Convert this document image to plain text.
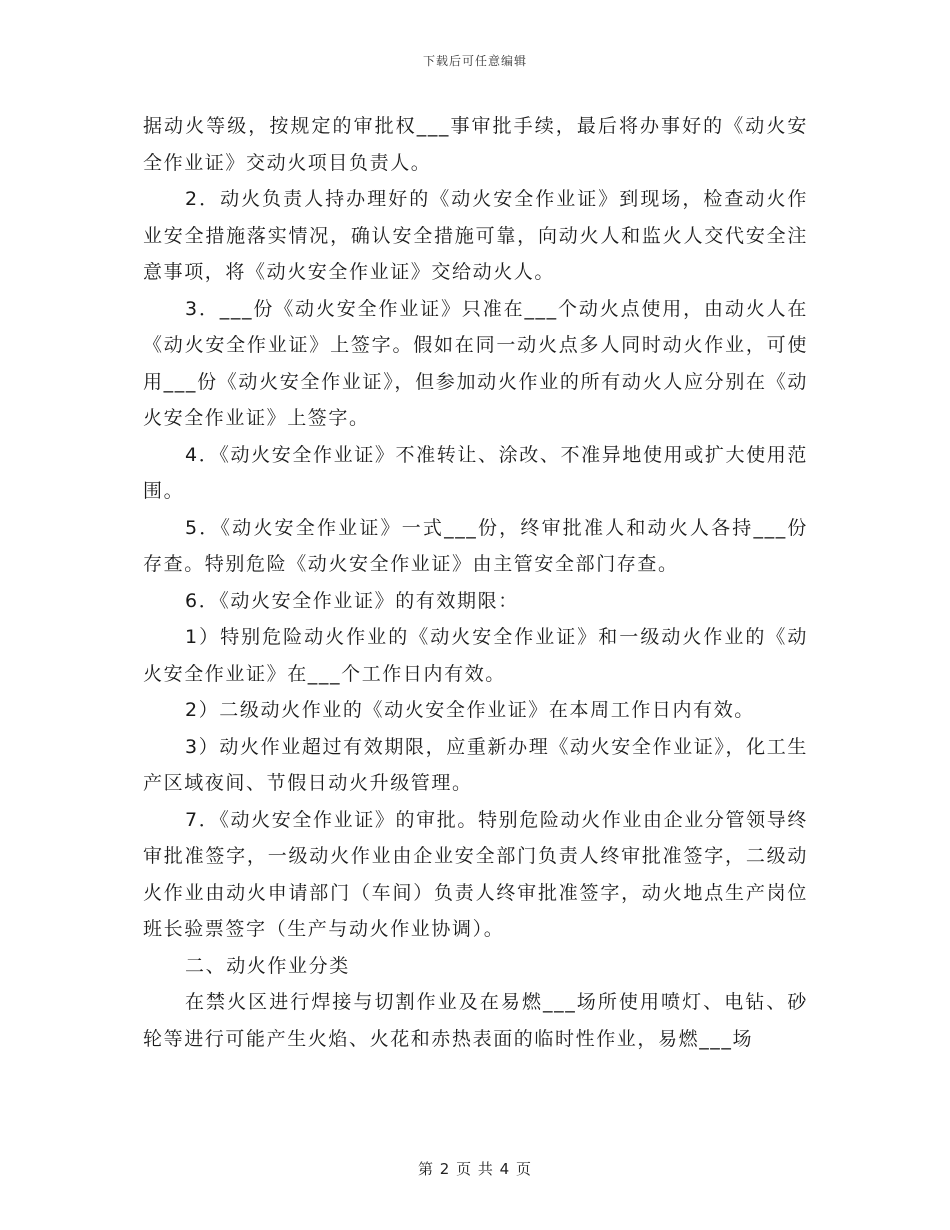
下载后可任意编辑

据动火等级，按规定的审批权___事审批手续，最后将办事好的《动火安全作业证》交动火项目负责人。

2．动火负责人持办理好的《动火安全作业证》到现场，检查动火作业安全措施落实情况，确认安全措施可靠，向动火人和监火人交代安全注意事项，将《动火安全作业证》交给动火人。

3．___份《动火安全作业证》只准在___个动火点使用，由动火人在《动火安全作业证》上签字。假如在同一动火点多人同时动火作业，可使用___份《动火安全作业证》，但参加动火作业的所有动火人应分别在《动火安全作业证》上签字。

4．《动火安全作业证》不准转让、涂改、不准异地使用或扩大使用范围。

5．《动火安全作业证》一式___份，终审批准人和动火人各持___份存查。特别危险《动火安全作业证》由主管安全部门存查。

6．《动火安全作业证》的有效期限：

1）特别危险动火作业的《动火安全作业证》和一级动火作业的《动火安全作业证》在___个工作日内有效。

2）二级动火作业的《动火安全作业证》在本周工作日内有效。

3）动火作业超过有效期限，应重新办理《动火安全作业证》，化工生产区域夜间、节假日动火升级管理。

7．《动火安全作业证》的审批。特别危险动火作业由企业分管领导终审批准签字，一级动火作业由企业安全部门负责人终审批准签字，二级动火作业由动火申请部门（车间）负责人终审批准签字，动火地点生产岗位班长验票签字（生产与动火作业协调）。

二、动火作业分类

在禁火区进行焊接与切割作业及在易燃___场所使用喷灯、电钻、砂轮等进行可能产生火焰、火花和赤热表面的临时性作业，易燃___场

第 2 页 共 4 页
